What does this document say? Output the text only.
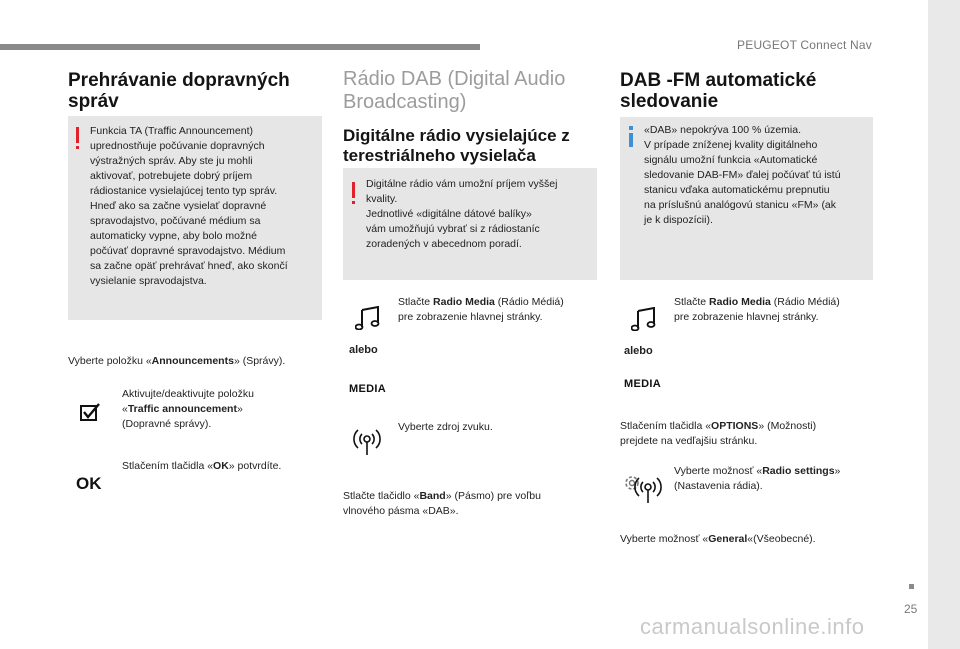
PEUGEOT Connect Nav
25
Prehrávanie dopravných správ
Funkcia TA (Traffic Announcement)
uprednostňuje počúvanie dopravných
výstražných správ. Aby ste ju mohli
aktivovať, potrebujete dobrý príjem
rádiostanice vysielajúcej tento typ správ.
Hneď ako sa začne vysielať dopravné
spravodajstvo, počúvané médium sa
automaticky vypne, aby bolo možné
počúvať dopravné spravodajstvo. Médium
sa začne opäť prehrávať hneď, ako skončí
vysielanie spravodajstva.
Vyberte položku «Announcements» (Správy).
Aktivujte/deaktivujte položku
«Traffic announcement»
(Dopravné správy).
OK
Stlačením tlačidla «OK» potvrdíte.
Rádio DAB (Digital Audio
Broadcasting)
Digitálne rádio vysielajúce z terestriálneho vysielača
Digitálne rádio vám umožní príjem vyššej
kvality.
Jednotlivé «digitálne dátové balíky»
vám umožňujú vybrať si z rádiostaníc
zoradených v abecednom poradí.
alebo
MEDIA
Stlačte Radio Media (Rádio Médiá)
pre zobrazenie hlavnej stránky.
Vyberte zdroj zvuku.
Stlačte tlačidlo «Band» (Pásmo) pre voľbu
vlnového pásma «DAB».
DAB -FM automatické sledovanie
«DAB» nepokrýva 100 % územia.
V prípade zníženej kvality digitálneho
signálu umožní funkcia «Automatické
sledovanie DAB-FM» ďalej počúvať tú istú
stanicu vďaka automatickému prepnutiu
na príslušnú analógovú stanicu «FM» (ak
je k dispozícii).
alebo
MEDIA
Stlačte Radio Media (Rádio Médiá)
pre zobrazenie hlavnej stránky.
Stlačením tlačidla «OPTIONS» (Možnosti)
prejdete na vedľajšiu stránku.
Vyberte možnosť «Radio settings»
(Nastavenia rádia).
Vyberte možnosť «General«(Všeobecné).
carmanualsonline.info
